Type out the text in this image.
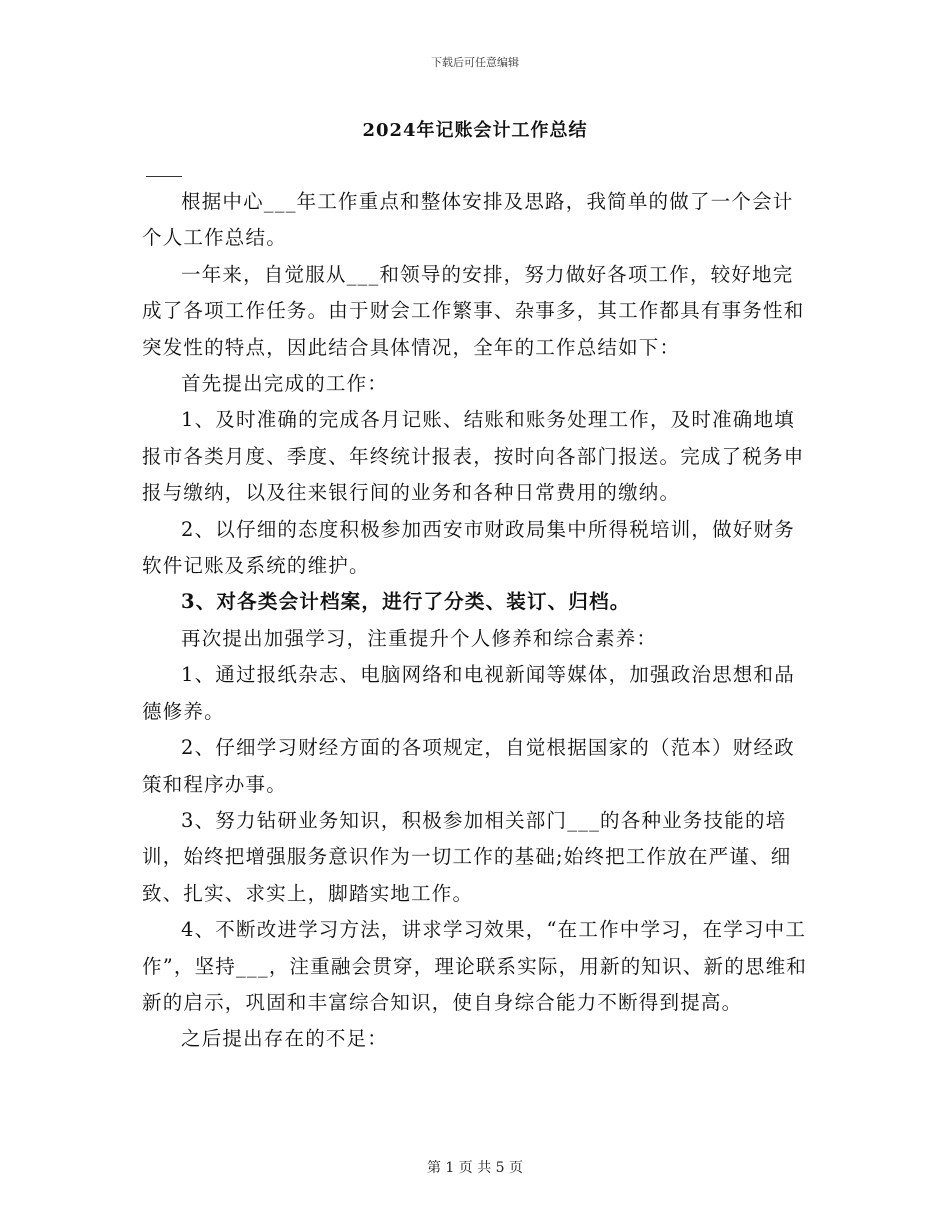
下载后可任意编辑
2024年记账会计工作总结

根据中心___年工作重点和整体安排及思路，我简单的做了一个会计个人工作总结。

一年来，自觉服从___和领导的安排，努力做好各项工作，较好地完成了各项工作任务。由于财会工作繁事、杂事多，其工作都具有事务性和突发性的特点，因此结合具体情况，全年的工作总结如下：

首先提出完成的工作：

1、及时准确的完成各月记账、结账和账务处理工作，及时准确地填报市各类月度、季度、年终统计报表，按时向各部门报送。完成了税务申报与缴纳，以及往来银行间的业务和各种日常费用的缴纳。

2、以仔细的态度积极参加西安市财政局集中所得税培训，做好财务软件记账及系统的维护。

3、对各类会计档案，进行了分类、装订、归档。

再次提出加强学习，注重提升个人修养和综合素养：

1、通过报纸杂志、电脑网络和电视新闻等媒体，加强政治思想和品德修养。

2、仔细学习财经方面的各项规定，自觉根据国家的（范本）财经政策和程序办事。

3、努力钻研业务知识，积极参加相关部门___的各种业务技能的培训，始终把增强服务意识作为一切工作的基础;始终把工作放在严谨、细致、扎实、求实上，脚踏实地工作。

4、不断改进学习方法，讲求学习效果，“在工作中学习，在学习中工作”，坚持___，注重融会贯穿，理论联系实际，用新的知识、新的思维和新的启示，巩固和丰富综合知识，使自身综合能力不断得到提高。

之后提出存在的不足：

第 1 页 共 5 页
